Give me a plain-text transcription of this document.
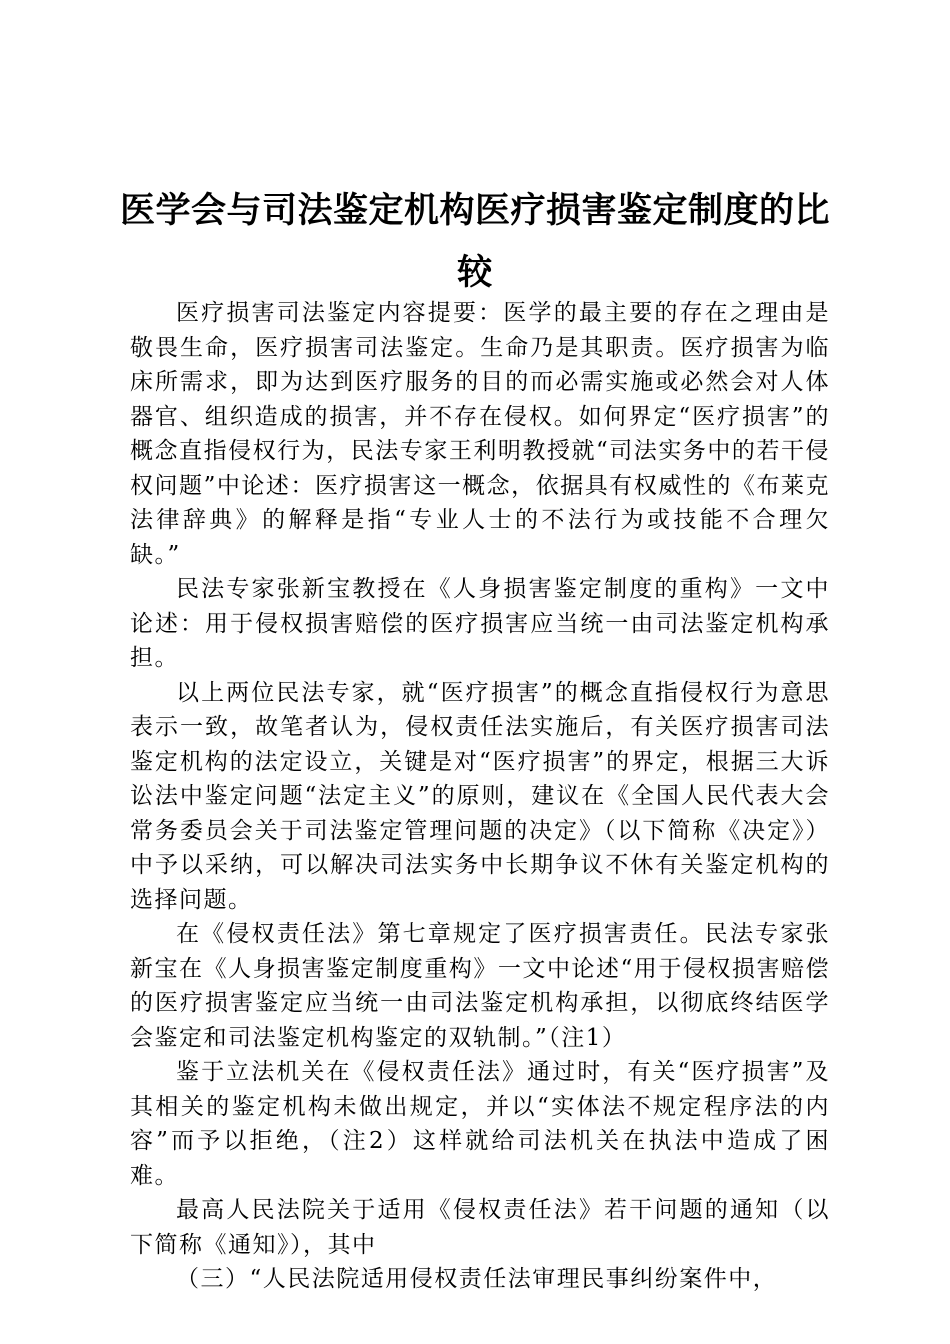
医学会与司法鉴定机构医疗损害鉴定制度的比较

医疗损害司法鉴定内容提要：医学的最主要的存在之理由是敬畏生命，医疗损害司法鉴定。生命乃是其职责。医疗损害为临床所需求，即为达到医疗服务的目的而必需实施或必然会对人体器官、组织造成的损害，并不存在侵权。如何界定“医疗损害”的概念直指侵权行为，民法专家王利明教授就“司法实务中的若干侵权问题”中论述：医疗损害这一概念，依据具有权威性的《布莱克法律辞典》的解释是指“专业人士的不法行为或技能不合理欠缺。”

民法专家张新宝教授在《人身损害鉴定制度的重构》一文中论述：用于侵权损害赔偿的医疗损害应当统一由司法鉴定机构承担。

以上两位民法专家，就“医疗损害”的概念直指侵权行为意思表示一致，故笔者认为，侵权责任法实施后，有关医疗损害司法鉴定机构的法定设立，关键是对“医疗损害”的界定，根据三大诉讼法中鉴定问题“法定主义”的原则，建议在《全国人民代表大会常务委员会关于司法鉴定管理问题的决定》（以下简称《决定》）中予以采纳，可以解决司法实务中长期争议不休有关鉴定机构的选择问题。

在《侵权责任法》第七章规定了医疗损害责任。民法专家张新宝在《人身损害鉴定制度重构》一文中论述“用于侵权损害赔偿的医疗损害鉴定应当统一由司法鉴定机构承担，以彻底终结医学会鉴定和司法鉴定机构鉴定的双轨制。”（注1）

鉴于立法机关在《侵权责任法》通过时，有关“医疗损害”及其相关的鉴定机构未做出规定，并以“实体法不规定程序法的内容”而予以拒绝，（注2）这样就给司法机关在执法中造成了困难。

最高人民法院关于适用《侵权责任法》若干问题的通知（以下简称《通知》），其中

（三）“人民法院适用侵权责任法审理民事纠纷案件中，
